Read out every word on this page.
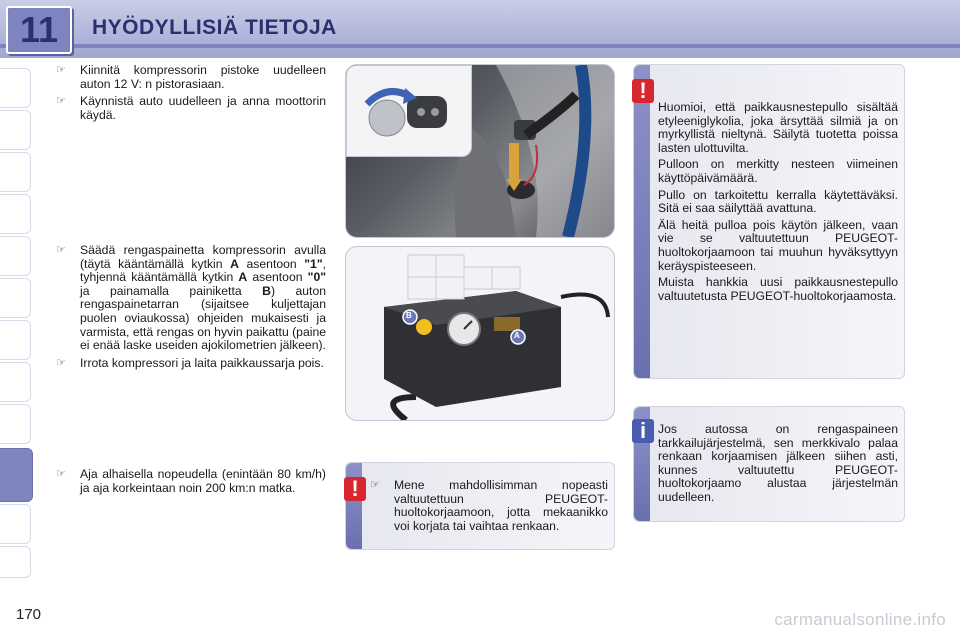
11	HYÖDYLLISIÄ TIETOJA
☞ Kiinnitä kompressorin pistoke uudelleen auton 12 V: n pistorasiaan.
☞ Käynnistä auto uudelleen ja anna moottorin käydä.
☞ Säädä rengaspainetta kompressorin avulla (täytä kääntämällä kytkin A asentoon "1", tyhjennä kääntämällä kytkin A asentoon "0" ja painamalla painiketta B) auton rengaspainetarran (sijaitsee kuljettajan puolen oviaukossa) ohjeiden mukaisesti ja varmista, että rengas on hyvin paikattu (paine ei enää laske useiden ajokilometrien jälkeen).
☞ Irrota kompressori ja laita paikkaussarja pois.
☞ Aja alhaisella nopeudella (enintään 80 km/h) ja aja korkeintaan noin 200 km:n matka.
B
A
!	☞ Mene mahdollisimman nopeasti valtuutettuun PEUGEOT-huoltokorjaamoon, jotta mekaanikko voi korjata tai vaihtaa renkaan.
!

Huomioi, että paikkausnestepullo sisältää etyleeniglykolia, joka ärsyttää silmiä ja on myrkyllistä nieltynä. Säilytä tuotetta poissa lasten ulottuvilta.

Pulloon on merkitty nesteen viimeinen käyttöpäivämäärä.

Pullo on tarkoitettu kerralla käytettäväksi. Sitä ei saa säilyttää avattuna.

Älä heitä pulloa pois käytön jälkeen, vaan vie se valtuutettuun PEUGEOT-huoltokorjaamoon tai muuhun hyväksyttyyn keräyspisteeseen.

Muista hankkia uusi paikkausnestepullo valtuutetusta PEUGEOT-huoltokorjaamosta.

i Jos autossa on rengaspaineen tarkkailujärjestelmä, sen merkkivalo palaa renkaan korjaamisen jälkeen siihen asti, kunnes valtuutettu PEUGEOT-huoltokorjaamo alustaa järjestelmän uudelleen.
170	carmanualsonline.info
